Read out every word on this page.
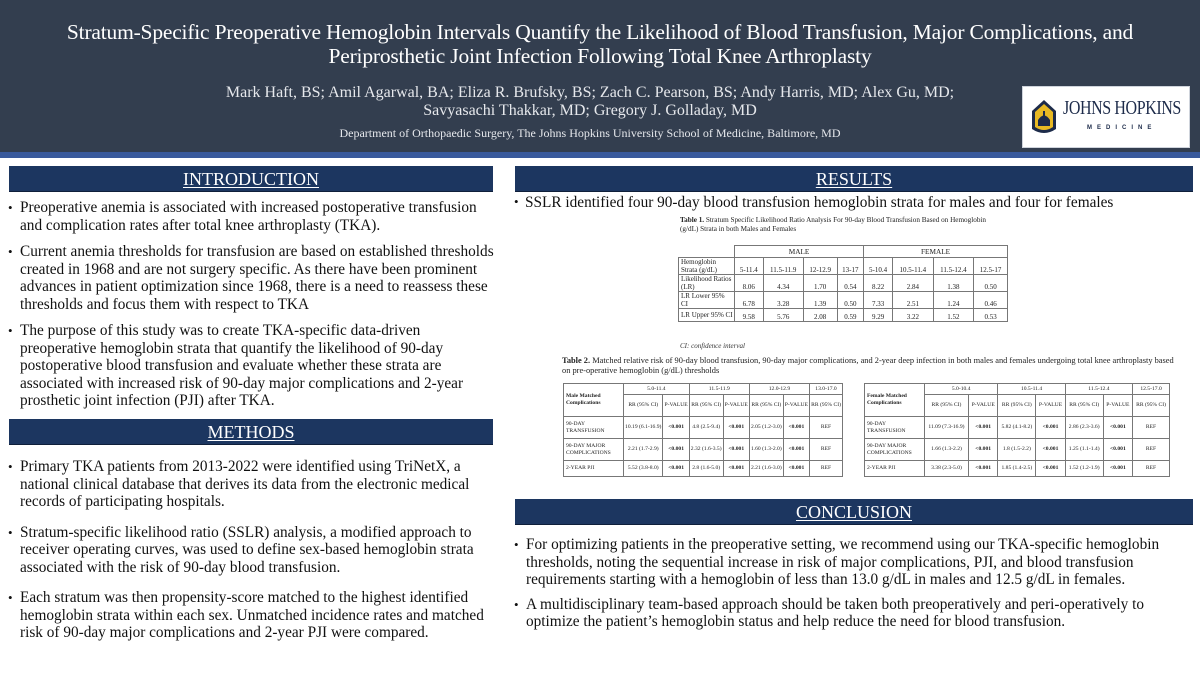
Stratum-Specific Preoperative Hemoglobin Intervals Quantify the Likelihood of Blood Transfusion, Major Complications, and Periprosthetic Joint Infection Following Total Knee Arthroplasty
Mark Haft, BS; Amil Agarwal, BA; Eliza R. Brufsky, BS; Zach C. Pearson, BS; Andy Harris, MD; Alex Gu, MD;
Savyasachi Thakkar, MD; Gregory J. Golladay, MD
Department of Orthopaedic Surgery, The Johns Hopkins University School of Medicine, Baltimore, MD
JOHNS HOPKINS
MEDICINE
INTRODUCTION
• Preoperative anemia is associated with increased postoperative transfusion and complication rates after total knee arthroplasty (TKA).
• Current anemia thresholds for transfusion are based on established thresholds created in 1968 and are not surgery specific. As there have been prominent advances in patient optimization since 1968, there is a need to reassess these thresholds and focus them with respect to TKA
• The purpose of this study was to create TKA-specific data-driven preoperative hemoglobin strata that quantify the likelihood of 90-day postoperative blood transfusion and evaluate whether these strata are associated with increased risk of 90-day major complications and 2-year prosthetic joint infection (PJI) after TKA.
METHODS
• Primary TKA patients from 2013-2022 were identified using TriNetX, a national clinical database that derives its data from the electronic medical records of participating hospitals.
• Stratum-specific likelihood ratio (SSLR) analysis, a modified approach to receiver operating curves, was used to define sex-based hemoglobin strata associated with the risk of 90-day blood transfusion.
• Each stratum was then propensity-score matched to the highest identified hemoglobin strata within each sex. Unmatched incidence rates and matched risk of 90-day major complications and 2-year PJI were compared.
RESULTS
• SSLR identified four 90-day blood transfusion hemoglobin strata for males and four for females
Table 1. Stratum Specific Likelihood Ratio Analysis For 90-day Blood Transfusion Based on Hemoglobin (g/dL) Strata in both Males and Females
	MALE				FEMALE			
Hemoglobin Strata (g/dL)	5-11.4	11.5-11.9	12-12.9	13-17	5-10.4	10.5-11.4	11.5-12.4	12.5-17
Likelihood Ratios (LR)	8.06	4.34	1.70	0.54	8.22	2.84	1.38	0.50
LR Lower 95% CI	6.78	3.28	1.39	0.50	7.33	2.51	1.24	0.46
LR Upper 95% CI	9.58	5.76	2.08	0.59	9.29	3.22	1.52	0.53
CI: confidence interval
Table 2. Matched relative risk of 90-day blood transfusion, 90-day major complications, and 2-year deep infection in both males and females undergoing total knee arthroplasty based on pre-operative hemoglobin (g/dL) thresholds
Male Matched Complications	5.0-11.4		11.5-11.9		12.0-12.9		13.0-17.0
	RR (95% CI)	P-VALUE	RR (95% CI)	P-VALUE	RR (95% CI)	P-VALUE	RR (95% CI)
90-DAY TRANSFUSION	10.19 (6.1-16.9)	<0.001	4.8 (2.5-9.4)	<0.001	2.05 (1.2-3.0)	<0.001	REF
90-DAY MAJOR COMPLICATIONS	2.21 (1.7-2.9)	<0.001	2.32 (1.6-3.5)	<0.001	1.60 (1.3-2.0)	<0.001	REF
2-YEAR PJI	5.52 (3.8-8.0)	<0.001	2.8 (1.6-5.0)	<0.001	2.21 (1.6-3.0)	<0.001	REF
Female Matched Complications	5.0-10.4		10.5-11.4		11.5-12.4		12.5-17.0
	RR (95% CI)	P-VALUE	RR (95% CI)	P-VALUE	RR (95% CI)	P-VALUE	RR (95% CI)
90-DAY TRANSFUSION	11.09 (7.3-16.9)	<0.001	5.82 (4.1-8.2)	<0.001	2.86 (2.3-3.6)	<0.001	REF
90-DAY MAJOR COMPLICATIONS	1.66 (1.3-2.2)	<0.001	1.8 (1.5-2.2)	<0.001	1.25 (1.1-1.4)	<0.001	REF
2-YEAR PJI	3.38 (2.3-5.0)	<0.001	1.85 (1.4-2.5)	<0.001	1.52 (1.2-1.9)	<0.001	REF
CONCLUSION
• For optimizing patients in the preoperative setting, we recommend using our TKA-specific hemoglobin thresholds, noting the sequential increase in risk of major complications, PJI, and blood transfusion requirements starting with a hemoglobin of less than 13.0 g/dL in males and 12.5 g/dL in females.
• A multidisciplinary team-based approach should be taken both preoperatively and peri-operatively to optimize the patient’s hemoglobin status and help reduce the need for blood transfusion.
